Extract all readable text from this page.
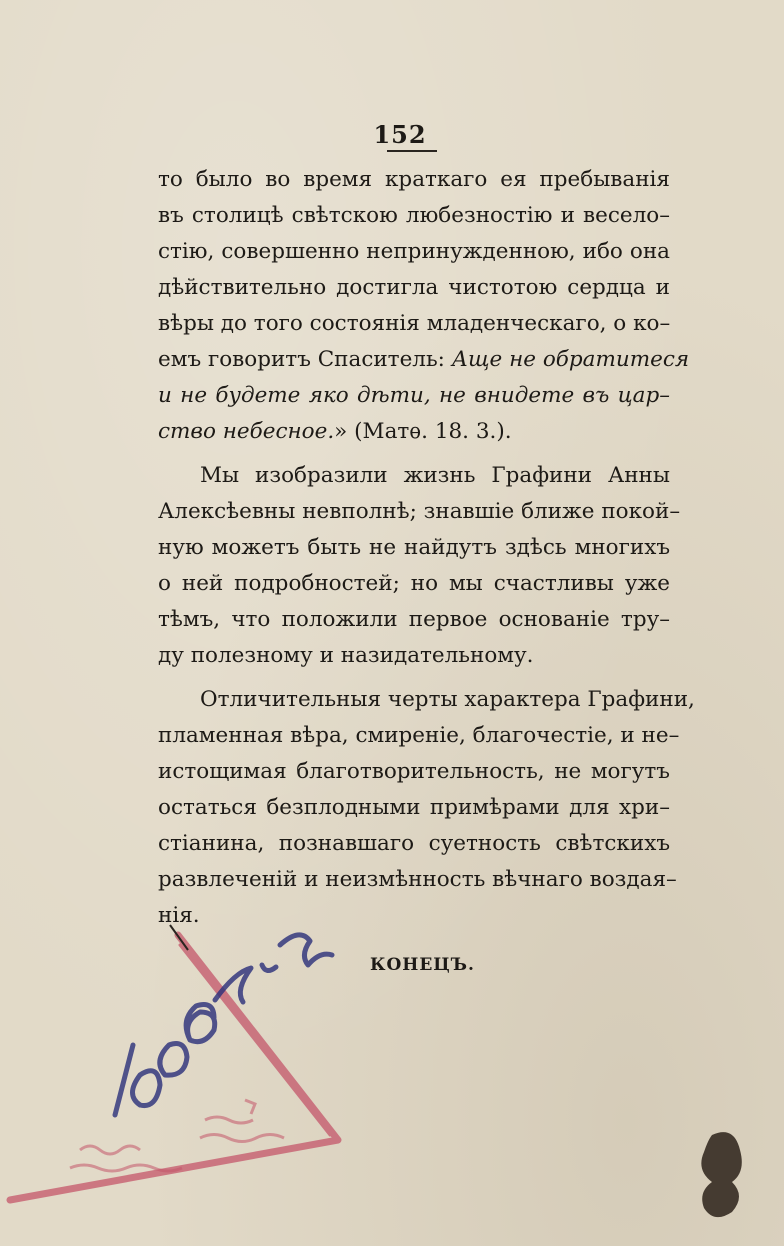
152
то было во время краткаго ея пребыванія
въ столицѣ свѣтскою любезностію и весело–
стію, совершенно непринужденною, ибо она
дѣйствительно достигла чистотою сердца и
вѣры до того состоянія младенческаго, о ко–
емъ говоритъ Спаситель: Аще не обратитеся
и не будете яко дѣти, не внидете въ цар–
ство небесное.» (Матѳ. 18. 3.).
Мы изобразили жизнь Графини Анны
Алексѣевны невполнѣ; знавшіе ближе покой–
ную можетъ быть не найдутъ здѣсь многихъ
о ней подробностей; но мы счастливы уже
тѣмъ, что положили первое основаніе тру–
ду полезному и назидательному.
Отличительныя черты характера Графини,
пламенная вѣра, смиреніе, благочестіе, и не–
истощимая благотворительность, не могутъ
остаться безплодными примѣрами для хри–
стіанина, познавшаго суетность свѣтскихъ
развлеченій и неизмѣнность вѣчнаго воздая–
нія.
КОНЕЦЪ.
